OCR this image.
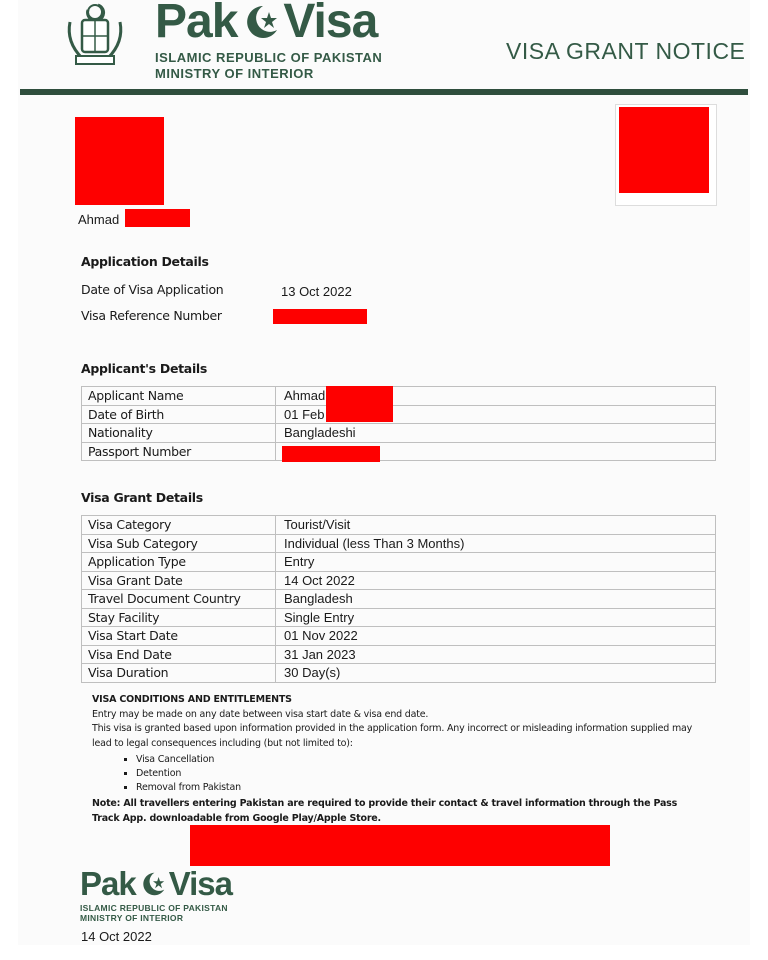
Pak Visa
ISLAMIC REPUBLIC OF PAKISTAN
MINISTRY OF INTERIOR
VISA GRANT NOTICE
Ahmad
Application Details
Date of Visa Application	13 Oct 2022
Visa Reference Number
Applicant's Details
Applicant Name	Ahmad
Date of Birth	01 Feb
Nationality	Bangladeshi
Passport Number	
Visa Grant Details
Visa Category	Tourist/Visit
Visa Sub Category	Individual (less Than 3 Months)
Application Type	Entry
Visa Grant Date	14 Oct 2022
Travel Document Country	Bangladesh
Stay Facility	Single Entry
Visa Start Date	01 Nov 2022
Visa End Date	31 Jan 2023
Visa Duration	30 Day(s)
VISA CONDITIONS AND ENTITLEMENTS
Entry may be made on any date between visa start date & visa end date.
This visa is granted based upon information provided in the application form. Any incorrect or misleading information supplied may lead to legal consequences including (but not limited to):
▪ Visa Cancellation
▪ Detention
▪ Removal from Pakistan
Note: All travellers entering Pakistan are required to provide their contact & travel information through the Pass Track App. downloadable from Google Play/Apple Store.
Pak Visa
ISLAMIC REPUBLIC OF PAKISTAN
MINISTRY OF INTERIOR
14 Oct 2022
